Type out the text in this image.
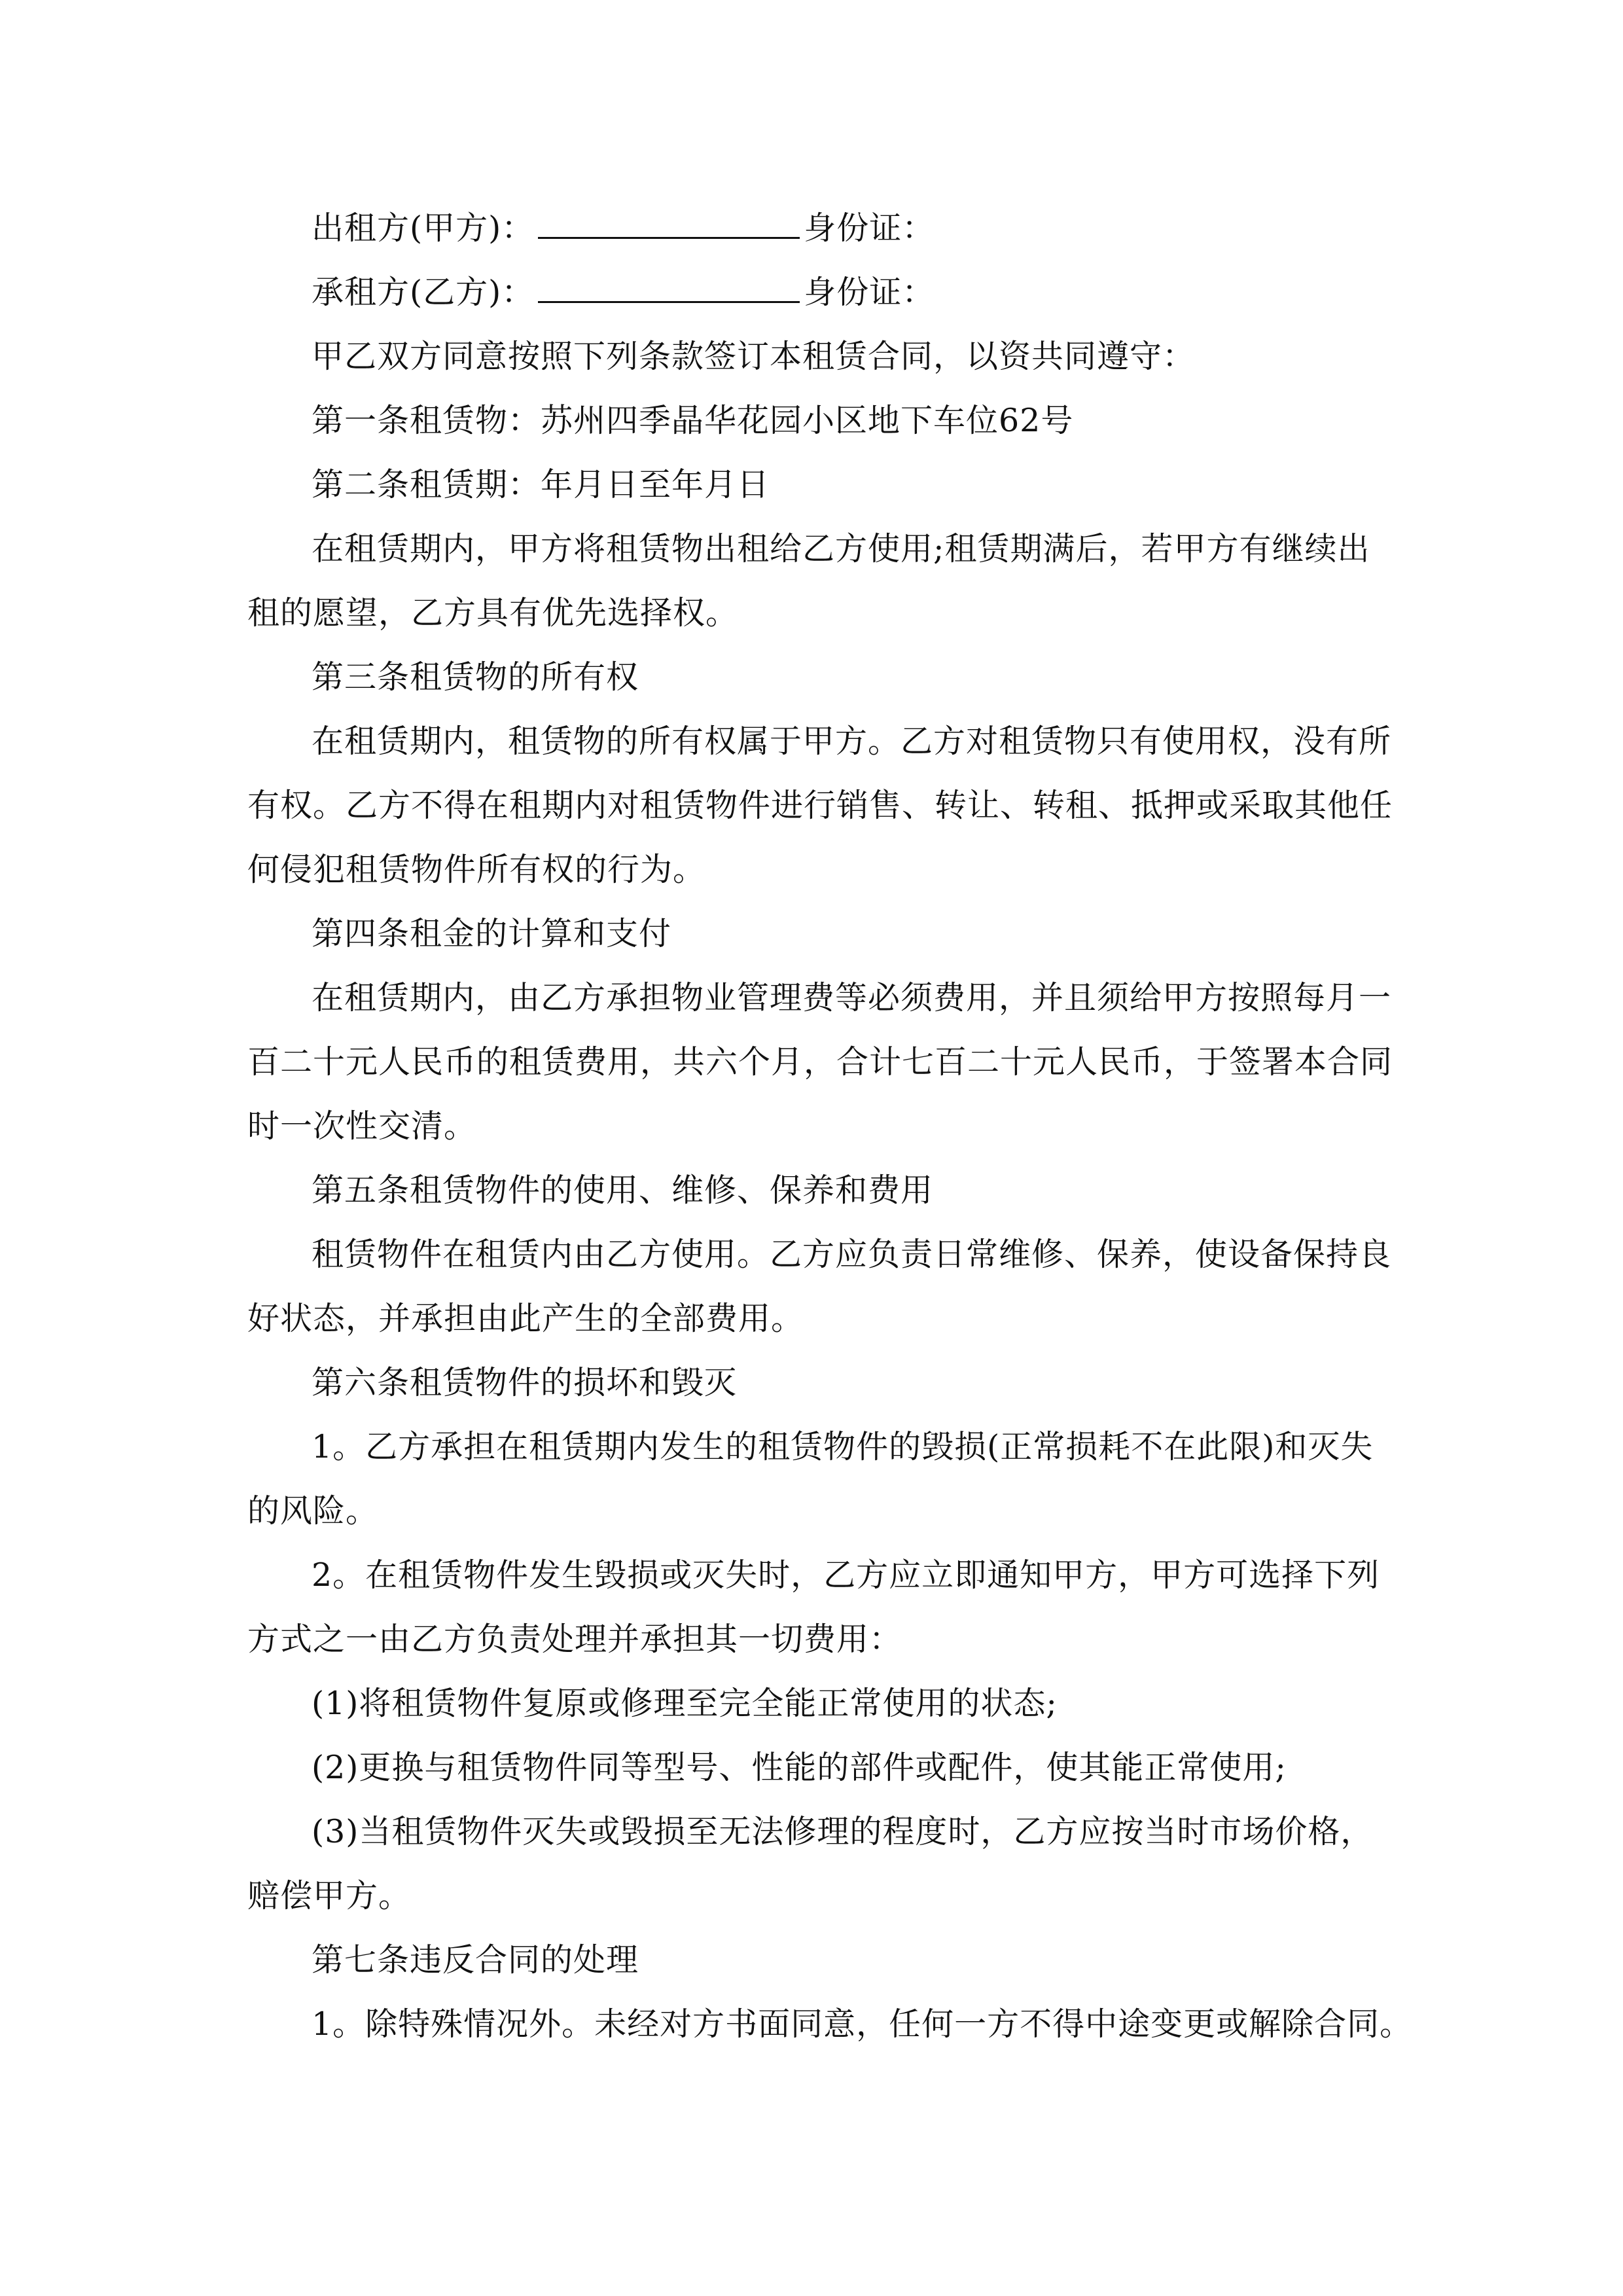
出租方(甲方)：	身份证：
承租方(乙方)：	身份证：
甲乙双方同意按照下列条款签订本租赁合同，以资共同遵守：
第一条租赁物：苏州四季晶华花园小区地下车位62号
第二条租赁期：年月日至年月日
在租赁期内，甲方将租赁物出租给乙方使用;租赁期满后，若甲方有继续出
租的愿望，乙方具有优先选择权。
第三条租赁物的所有权
在租赁期内，租赁物的所有权属于甲方。乙方对租赁物只有使用权，没有所
有权。乙方不得在租期内对租赁物件进行销售、转让、转租、抵押或采取其他任
何侵犯租赁物件所有权的行为。
第四条租金的计算和支付
在租赁期内，由乙方承担物业管理费等必须费用，并且须给甲方按照每月一
百二十元人民币的租赁费用，共六个月，合计七百二十元人民币，于签署本合同
时一次性交清。
第五条租赁物件的使用、维修、保养和费用
租赁物件在租赁内由乙方使用。乙方应负责日常维修、保养，使设备保持良
好状态，并承担由此产生的全部费用。
第六条租赁物件的损坏和毁灭
1。乙方承担在租赁期内发生的租赁物件的毁损(正常损耗不在此限)和灭失
的风险。
2。在租赁物件发生毁损或灭失时，乙方应立即通知甲方，甲方可选择下列
方式之一由乙方负责处理并承担其一切费用：
(1)将租赁物件复原或修理至完全能正常使用的状态;
(2)更换与租赁物件同等型号、性能的部件或配件，使其能正常使用;
(3)当租赁物件灭失或毁损至无法修理的程度时，乙方应按当时市场价格，
赔偿甲方。
第七条违反合同的处理
1。除特殊情况外。未经对方书面同意，任何一方不得中途变更或解除合同。
